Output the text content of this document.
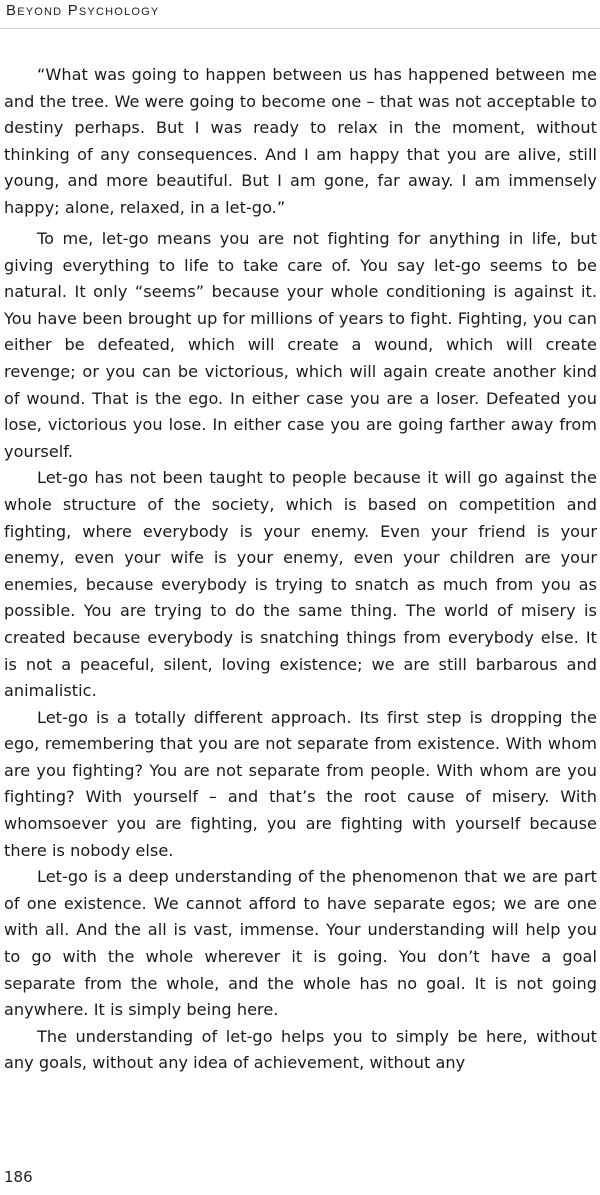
Beyond Psychology

“What was going to happen between us has happened between me and the tree. We were going to become one – that was not acceptable to destiny perhaps. But I was ready to relax in the moment, without thinking of any consequences. And I am happy that you are alive, still young, and more beautiful. But I am gone, far away. I am immensely happy; alone, relaxed, in a let-go.”

To me, let-go means you are not fighting for anything in life, but giving everything to life to take care of. You say let-go seems to be natural. It only “seems” because your whole conditioning is against it. You have been brought up for millions of years to fight. Fighting, you can either be defeated, which will create a wound, which will create revenge; or you can be victorious, which will again create another kind of wound. That is the ego. In either case you are a loser. Defeated you lose, victorious you lose. In either case you are going farther away from yourself.

Let-go has not been taught to people because it will go against the whole structure of the society, which is based on competition and fighting, where everybody is your enemy. Even your friend is your enemy, even your wife is your enemy, even your children are your enemies, because everybody is trying to snatch as much from you as possible. You are trying to do the same thing. The world of misery is created because everybody is snatching things from everybody else. It is not a peaceful, silent, loving existence; we are still barbarous and animalistic.

Let-go is a totally different approach. Its first step is dropping the ego, remembering that you are not separate from existence. With whom are you fighting? You are not separate from people. With whom are you fighting? With yourself – and that’s the root cause of misery. With whomsoever you are fighting, you are fighting with yourself because there is nobody else.

Let-go is a deep understanding of the phenomenon that we are part of one existence. We cannot afford to have separate egos; we are one with all. And the all is vast, immense. Your understanding will help you to go with the whole wherever it is going. You don’t have a goal separate from the whole, and the whole has no goal. It is not going anywhere. It is simply being here.

The understanding of let-go helps you to simply be here, without any goals, without any idea of achievement, without any

186
